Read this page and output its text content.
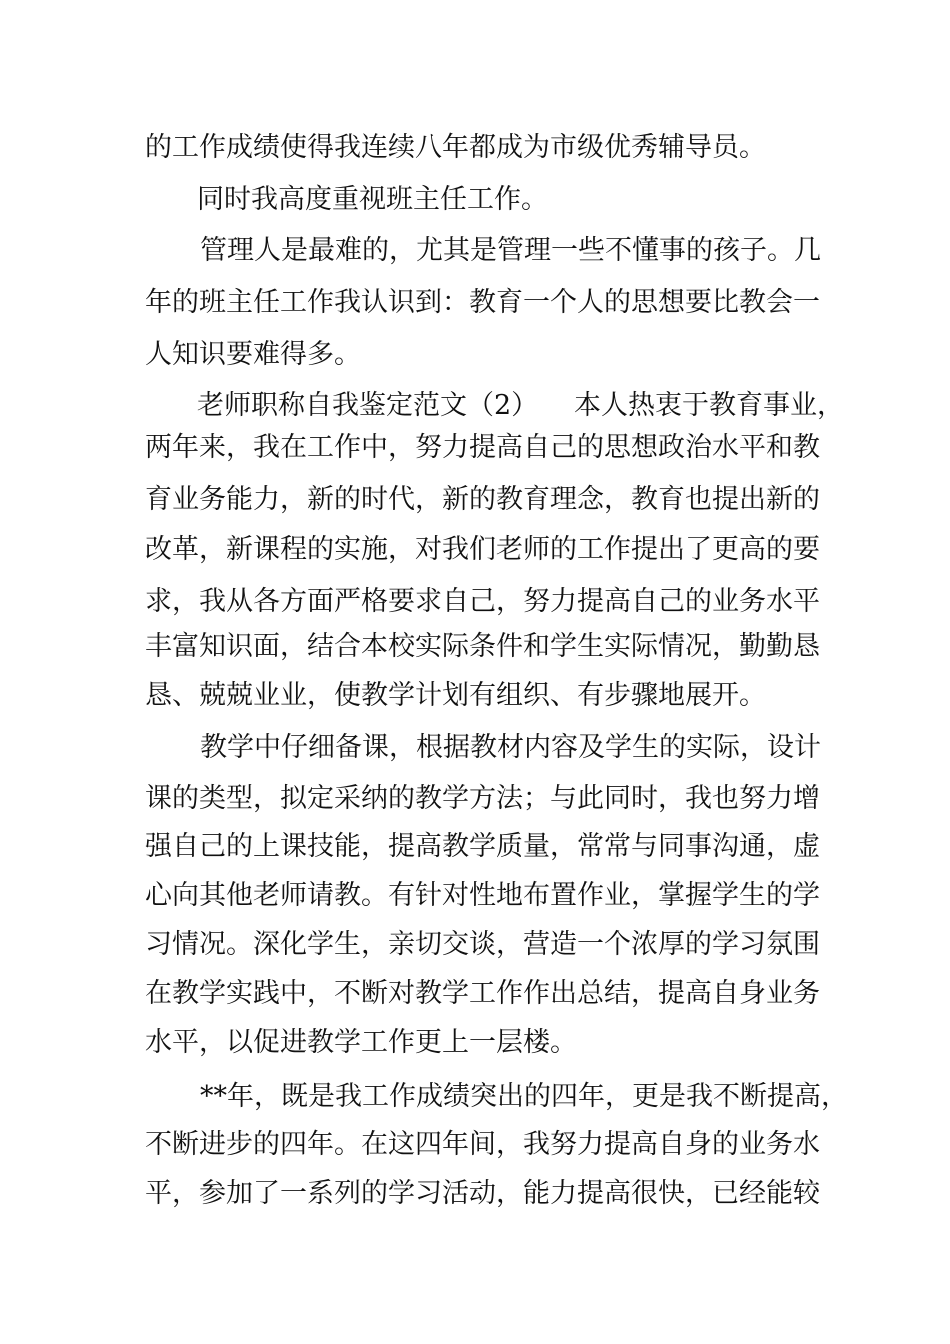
的工作成绩使得我连续八年都成为市级优秀辅导员。
同时我高度重视班主任工作。
管理人是最难的，尤其是管理一些不懂事的孩子。几
年的班主任工作我认识到：教育一个人的思想要比教会一
人知识要难得多。
老师职称自我鉴定范文（2） 本人热衷于教育事业，
两年来，我在工作中，努力提高自己的思想政治水平和教
育业务能力，新的时代，新的教育理念，教育也提出新的
改革，新课程的实施，对我们老师的工作提出了更高的要
求，我从各方面严格要求自己，努力提高自己的业务水平
丰富知识面，结合本校实际条件和学生实际情况，勤勤恳
恳、兢兢业业，使教学计划有组织、有步骤地展开。
教学中仔细备课，根据教材内容及学生的实际，设计
课的类型，拟定采纳的教学方法；与此同时，我也努力增
强自己的上课技能，提高教学质量，常常与同事沟通，虚
心向其他老师请教。有针对性地布置作业，掌握学生的学
习情况。深化学生，亲切交谈，营造一个浓厚的学习氛围
在教学实践中，不断对教学工作作出总结，提高自身业务
水平，以促进教学工作更上一层楼。
**年，既是我工作成绩突出的四年，更是我不断提高，
不断进步的四年。在这四年间，我努力提高自身的业务水
平，参加了一系列的学习活动，能力提高很快，已经能较
